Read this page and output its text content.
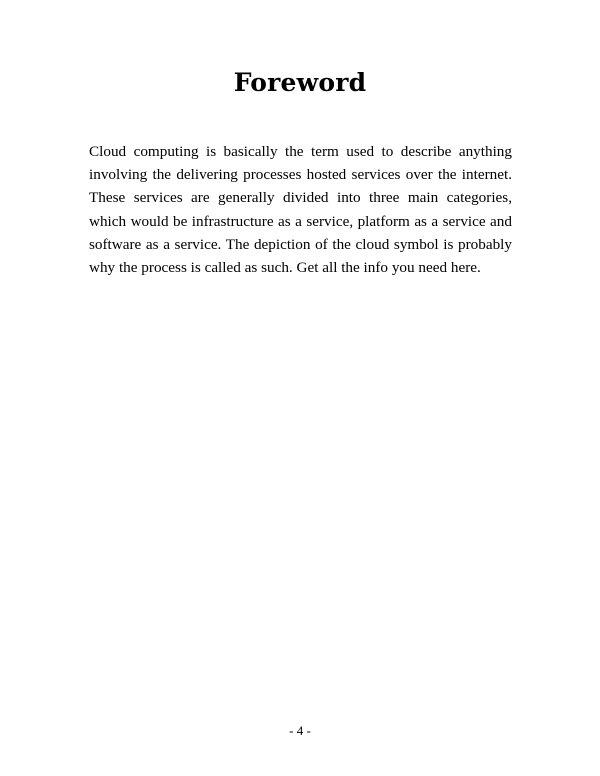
Foreword

Cloud computing is basically the term used to describe anything involving the delivering processes hosted services over the internet. These services are generally divided into three main categories, which would be infrastructure as a service, platform as a service and software as a service. The depiction of the cloud symbol is probably why the process is called as such. Get all the info you need here.

- 4 -
